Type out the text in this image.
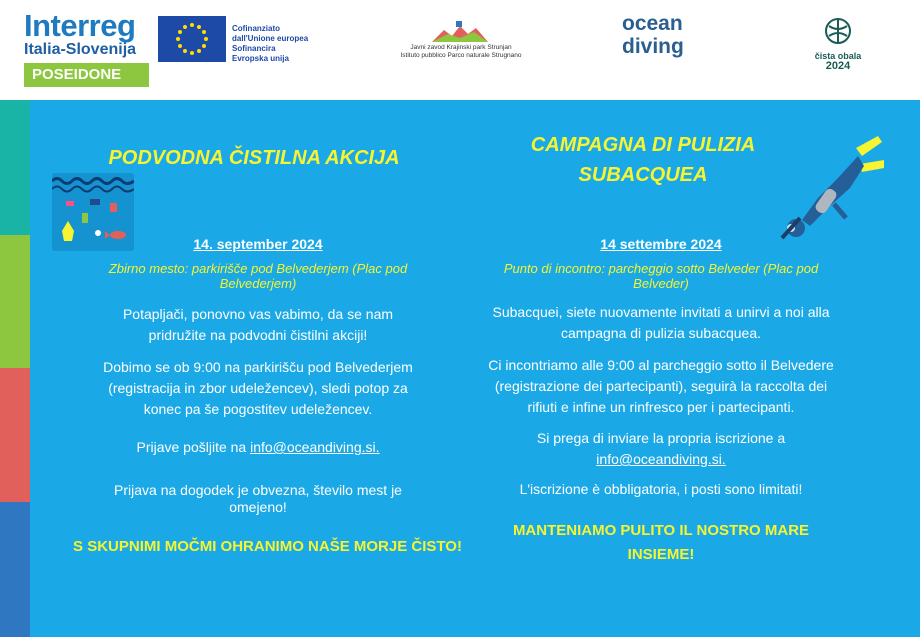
Interreg
Italia-Slovenija
POSEIDONE
Cofinanziato
dall'Unione europea
Sofinancira
Evropska unija
Javni zavod Krajinski park Strunjan
Istituto pubblico Parco naturale Strugnano
ocean
diving	čista obala
2024
PODVODNA ČISTILNA AKCIJA
14. september 2024
Zbirno mesto: parkirišče pod Belvederjem (Plac pod Belvederjem)
Potapljači, ponovno vas vabimo, da se nam pridružite na podvodni čistilni akciji!
Dobimo se ob 9:00 na parkirišču pod Belvederjem (registracija in zbor udeležencev), sledi potop za konec pa še pogostitev udeležencev.
Prijave pošljite na info@oceandiving.si.
Prijava na dogodek je obvezna, število mest je omejeno!
S SKUPNIMI MOČMI OHRANIMO NAŠE MORJE ČISTO!
CAMPAGNA DI PULIZIA SUBACQUEA
14 settembre 2024
Punto di incontro: parcheggio sotto Belveder (Plac pod Belveder)
Subacquei, siete nuovamente invitati a unirvi a noi alla campagna di pulizia subacquea.
Ci incontriamo alle 9:00 al parcheggio sotto il Belvedere (registrazione dei partecipanti), seguirà la raccolta dei rifiuti e infine un rinfresco per i partecipanti.
Si prega di inviare la propria iscrizione a
info@oceandiving.si.
L'iscrizione è obbligatoria, i posti sono limitati!
MANTENIAMO PULITO IL NOSTRO MARE INSIEME!
